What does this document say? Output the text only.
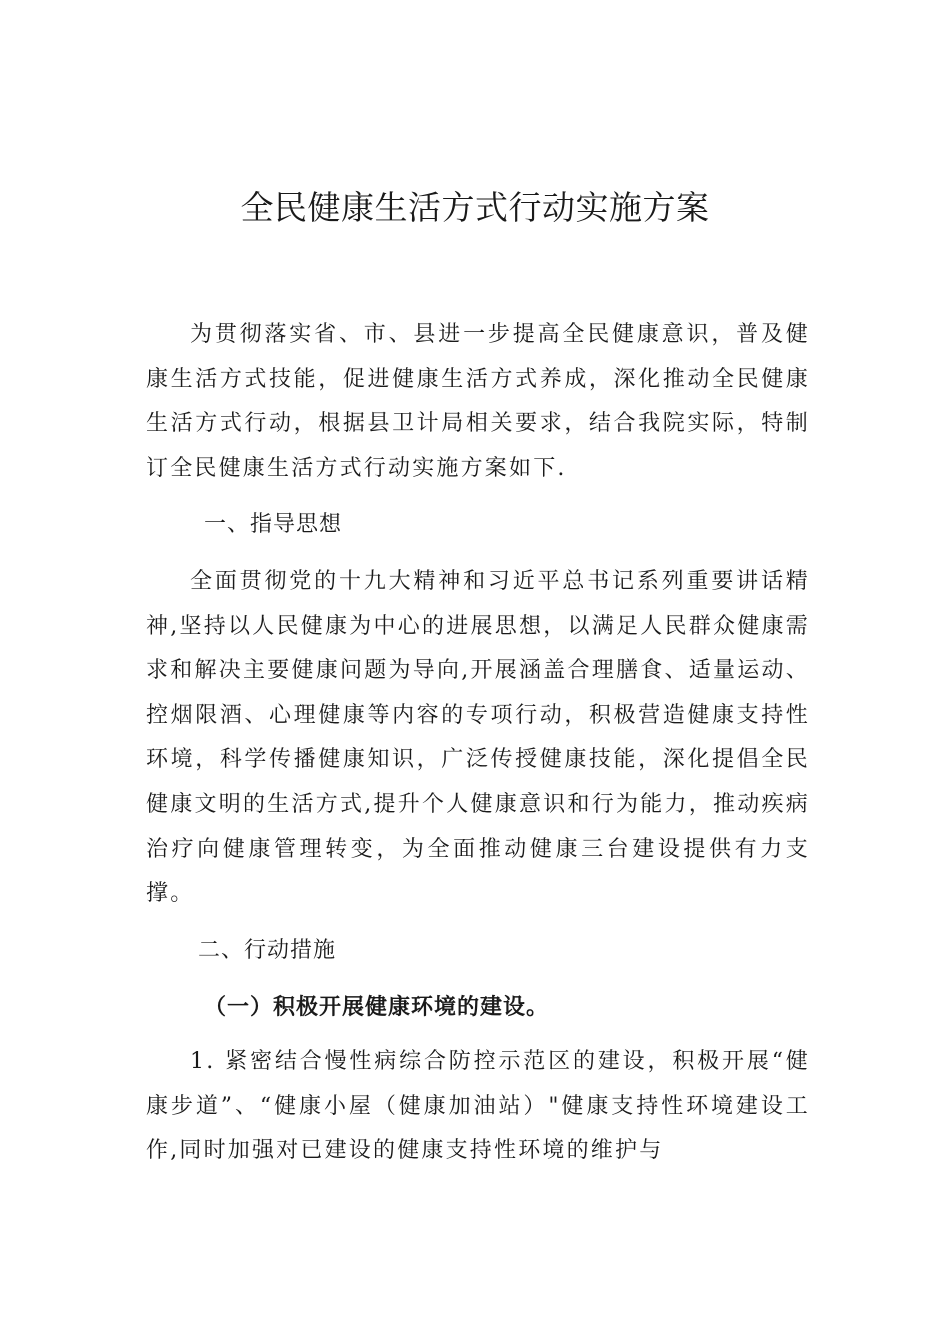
全民健康生活方式行动实施方案

为贯彻落实省、市、县进一步提高全民健康意识，普及健康生活方式技能，促进健康生活方式养成，深化推动全民健康生活方式行动，根据县卫计局相关要求，结合我院实际，特制订全民健康生活方式行动实施方案如下.

一、指导思想

全面贯彻党的十九大精神和习近平总书记系列重要讲话精神,坚持以人民健康为中心的进展思想，以满足人民群众健康需求和解决主要健康问题为导向,开展涵盖合理膳食、适量运动、控烟限酒、心理健康等内容的专项行动，积极营造健康支持性环境，科学传播健康知识，广泛传授健康技能，深化提倡全民健康文明的生活方式,提升个人健康意识和行为能力，推动疾病治疗向健康管理转变，为全面推动健康三台建设提供有力支撑。

二、行动措施

（一）积极开展健康环境的建设。

1. 紧密结合慢性病综合防控示范区的建设，积极开展“健康步道”、“健康小屋（健康加油站）"健康支持性环境建设工作,同时加强对已建设的健康支持性环境的维护与
